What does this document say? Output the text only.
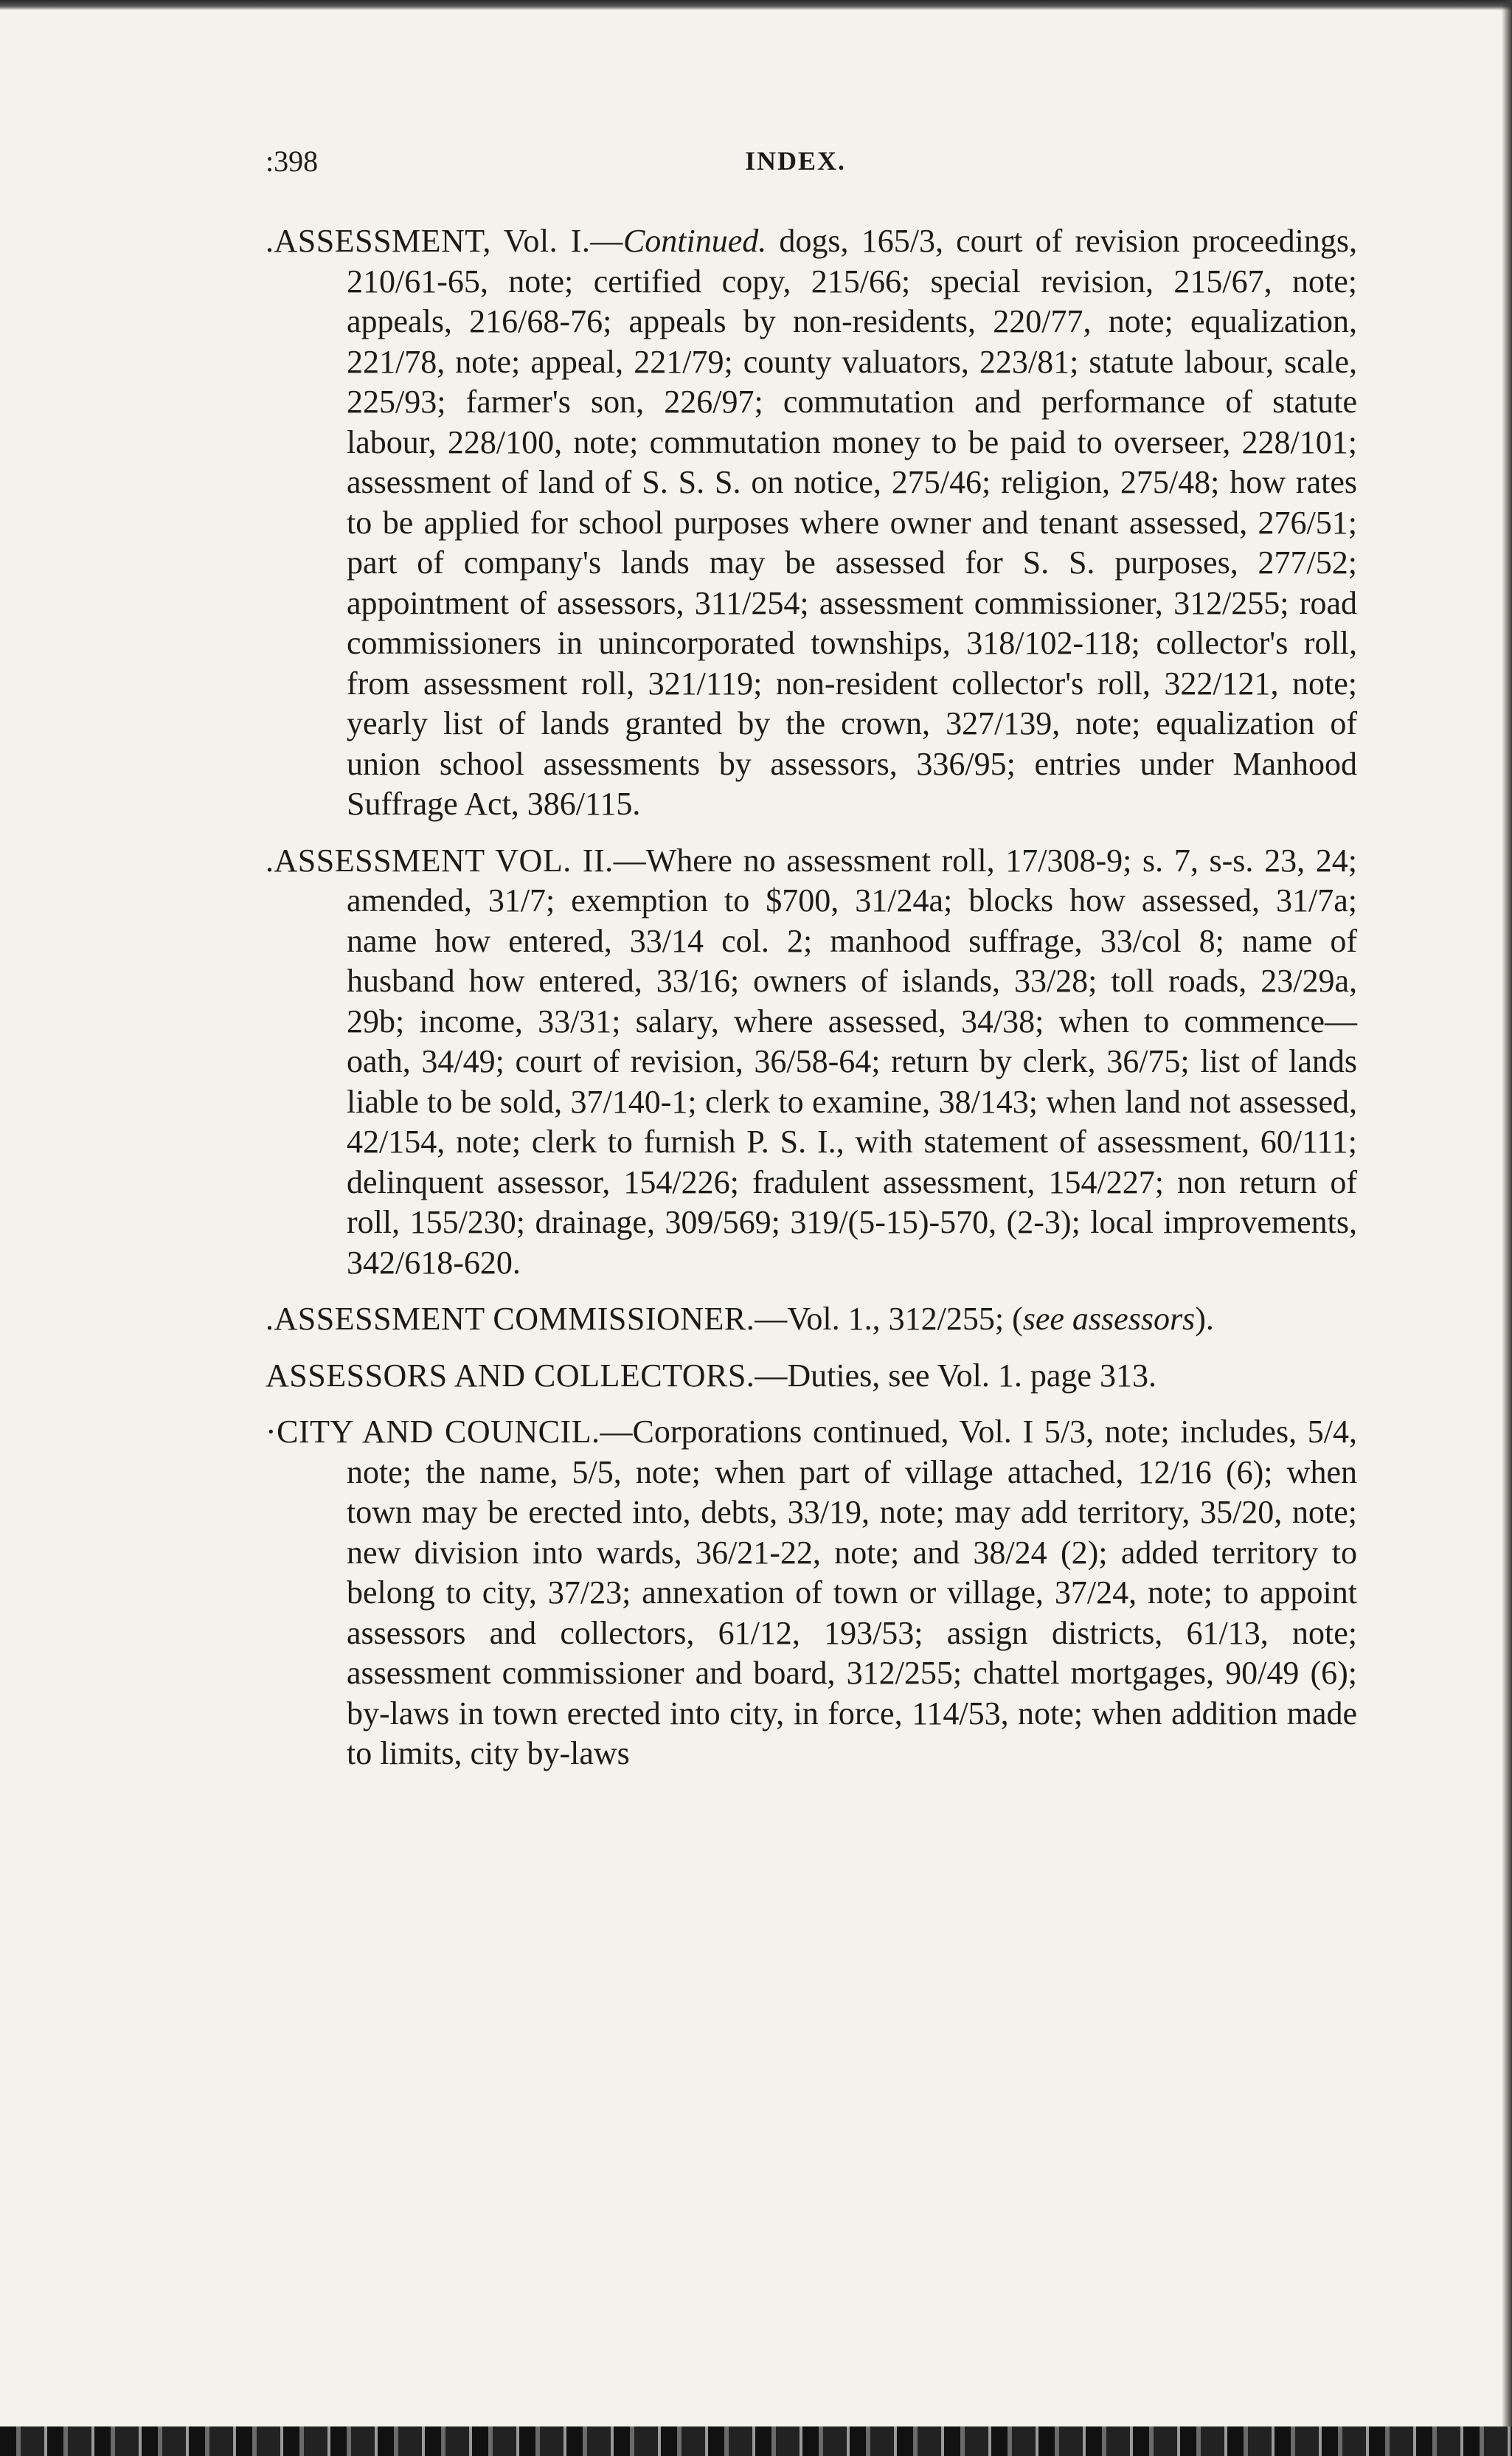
:398	INDEX.

.ASSESSMENT, Vol. I.—Continued. dogs, 165/3, court of revision proceedings, 210/61-65, note; certified copy, 215/66; special revision, 215/67, note; appeals, 216/68-76; appeals by non-residents, 220/77, note; equalization, 221/78, note; appeal, 221/79; county valuators, 223/81; statute labour, scale, 225/93; farmer's son, 226/97; commutation and performance of statute labour, 228/100, note; commutation money to be paid to overseer, 228/101; assessment of land of S. S. S. on notice, 275/46; religion, 275/48; how rates to be applied for school purposes where owner and tenant assessed, 276/51; part of company's lands may be assessed for S. S. purposes, 277/52; appointment of assessors, 311/254; assessment commissioner, 312/255; road commissioners in unincorporated townships, 318/102-118; collector's roll, from assessment roll, 321/119; non-resident collector's roll, 322/121, note; yearly list of lands granted by the crown, 327/139, note; equalization of union school assessments by assessors, 336/95; entries under Manhood Suffrage Act, 386/115.

.ASSESSMENT VOL. II.—Where no assessment roll, 17/308-9; s. 7, s-s. 23, 24; amended, 31/7; exemption to $700, 31/24a; blocks how assessed, 31/7a; name how entered, 33/14 col. 2; manhood suffrage, 33/col 8; name of husband how entered, 33/16; owners of islands, 33/28; toll roads, 23/29a, 29b; income, 33/31; salary, where assessed, 34/38; when to commence—oath, 34/49; court of revision, 36/58-64; return by clerk, 36/75; list of lands liable to be sold, 37/140-1; clerk to examine, 38/143; when land not assessed, 42/154, note; clerk to furnish P. S. I., with statement of assessment, 60/111; delinquent assessor, 154/226; fradulent assessment, 154/227; non return of roll, 155/230; drainage, 309/569; 319/(5-15)-570, (2-3); local improvements, 342/618-620.

.ASSESSMENT COMMISSIONER.—Vol. 1., 312/255; (see assessors).

ASSESSORS AND COLLECTORS.—Duties, see Vol. 1. page 313.

·CITY AND COUNCIL.—Corporations continued, Vol. I 5/3, note; includes, 5/4, note; the name, 5/5, note; when part of village attached, 12/16 (6); when town may be erected into, debts, 33/19, note; may add territory, 35/20, note; new division into wards, 36/21-22, note; and 38/24 (2); added territory to belong to city, 37/23; annexation of town or village, 37/24, note; to appoint assessors and collectors, 61/12, 193/53; assign districts, 61/13, note; assessment commissioner and board, 312/255; chattel mortgages, 90/49 (6); by-laws in town erected into city, in force, 114/53, note; when addition made to limits, city by-laws
